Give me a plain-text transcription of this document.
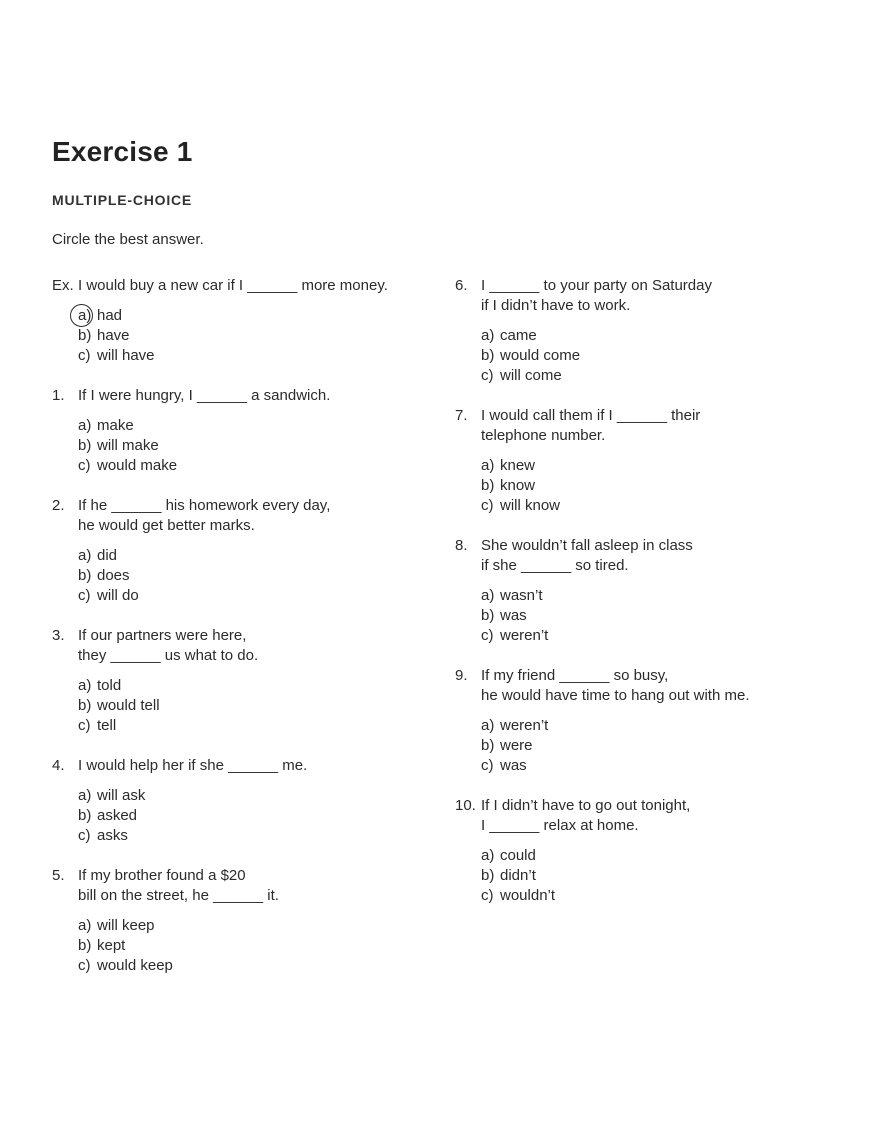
Exercise 1
MULTIPLE-CHOICE

Circle the best answer.

Ex. I would buy a new car if I ______ more money.
a) had
b) have
c) will have
1. If I were hungry, I ______ a sandwich.
a) make
b) will make
c) would make
2. If he ______ his homework every day,
he would get better marks.
a) did
b) does
c) will do
3. If our partners were here,
they ______ us what to do.
a) told
b) would tell
c) tell
4. I would help her if she ______ me.
a) will ask
b) asked
c) asks
5. If my brother found a $20
bill on the street, he ______ it.
a) will keep
b) kept
c) would keep
6. I ______ to your party on Saturday
if I didn’t have to work.
a) came
b) would come
c) will come
7. I would call them if I ______ their
telephone number.
a) knew
b) know
c) will know
8. She wouldn’t fall asleep in class
if she ______ so tired.
a) wasn’t
b) was
c) weren’t
9. If my friend ______ so busy,
he would have time to hang out with me.
a) weren’t
b) were
c) was
10. If I didn’t have to go out tonight,
I ______ relax at home.
a) could
b) didn’t
c) wouldn’t
